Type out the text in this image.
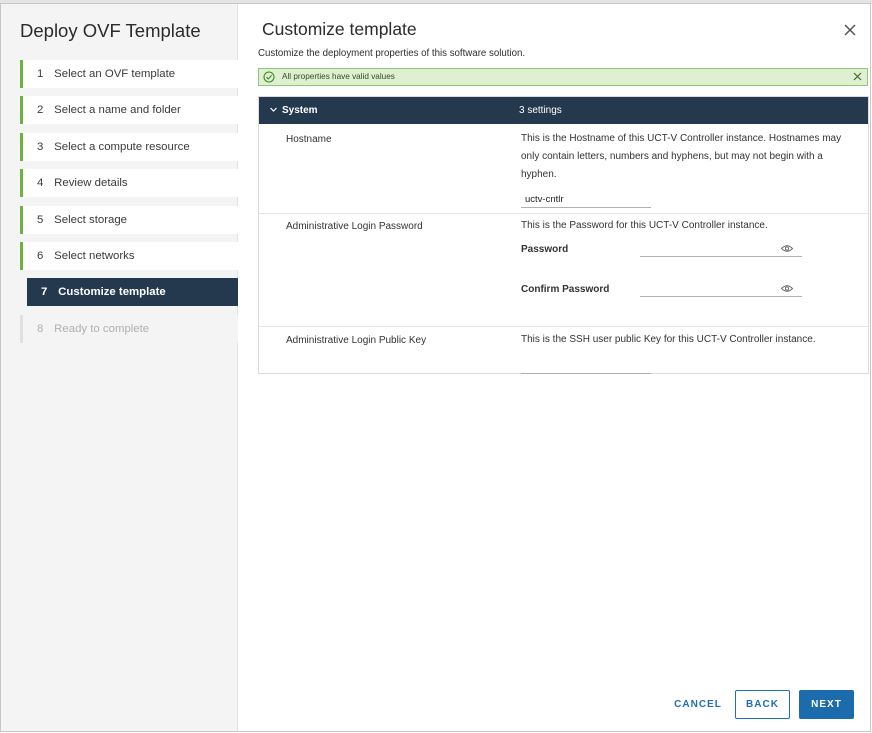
Deploy OVF Template
1 Select an OVF template
2 Select a name and folder
3 Select a compute resource
4 Review details
5 Select storage
6 Select networks
7 Customize template
8 Ready to complete
Customize template
Customize the deployment properties of this software solution.
All properties have valid values
System	3 settings
Hostname	This is the Hostname of this UCT-V Controller instance. Hostnames may only contain letters, numbers and hyphens, but may not begin with a hyphen.
uctv-cntlr
Administrative Login Password	This is the Password for this UCT-V Controller instance.
Password
Confirm Password
Administrative Login Public Key	This is the SSH user public Key for this UCT-V Controller instance.
CANCEL	BACK	NEXT
